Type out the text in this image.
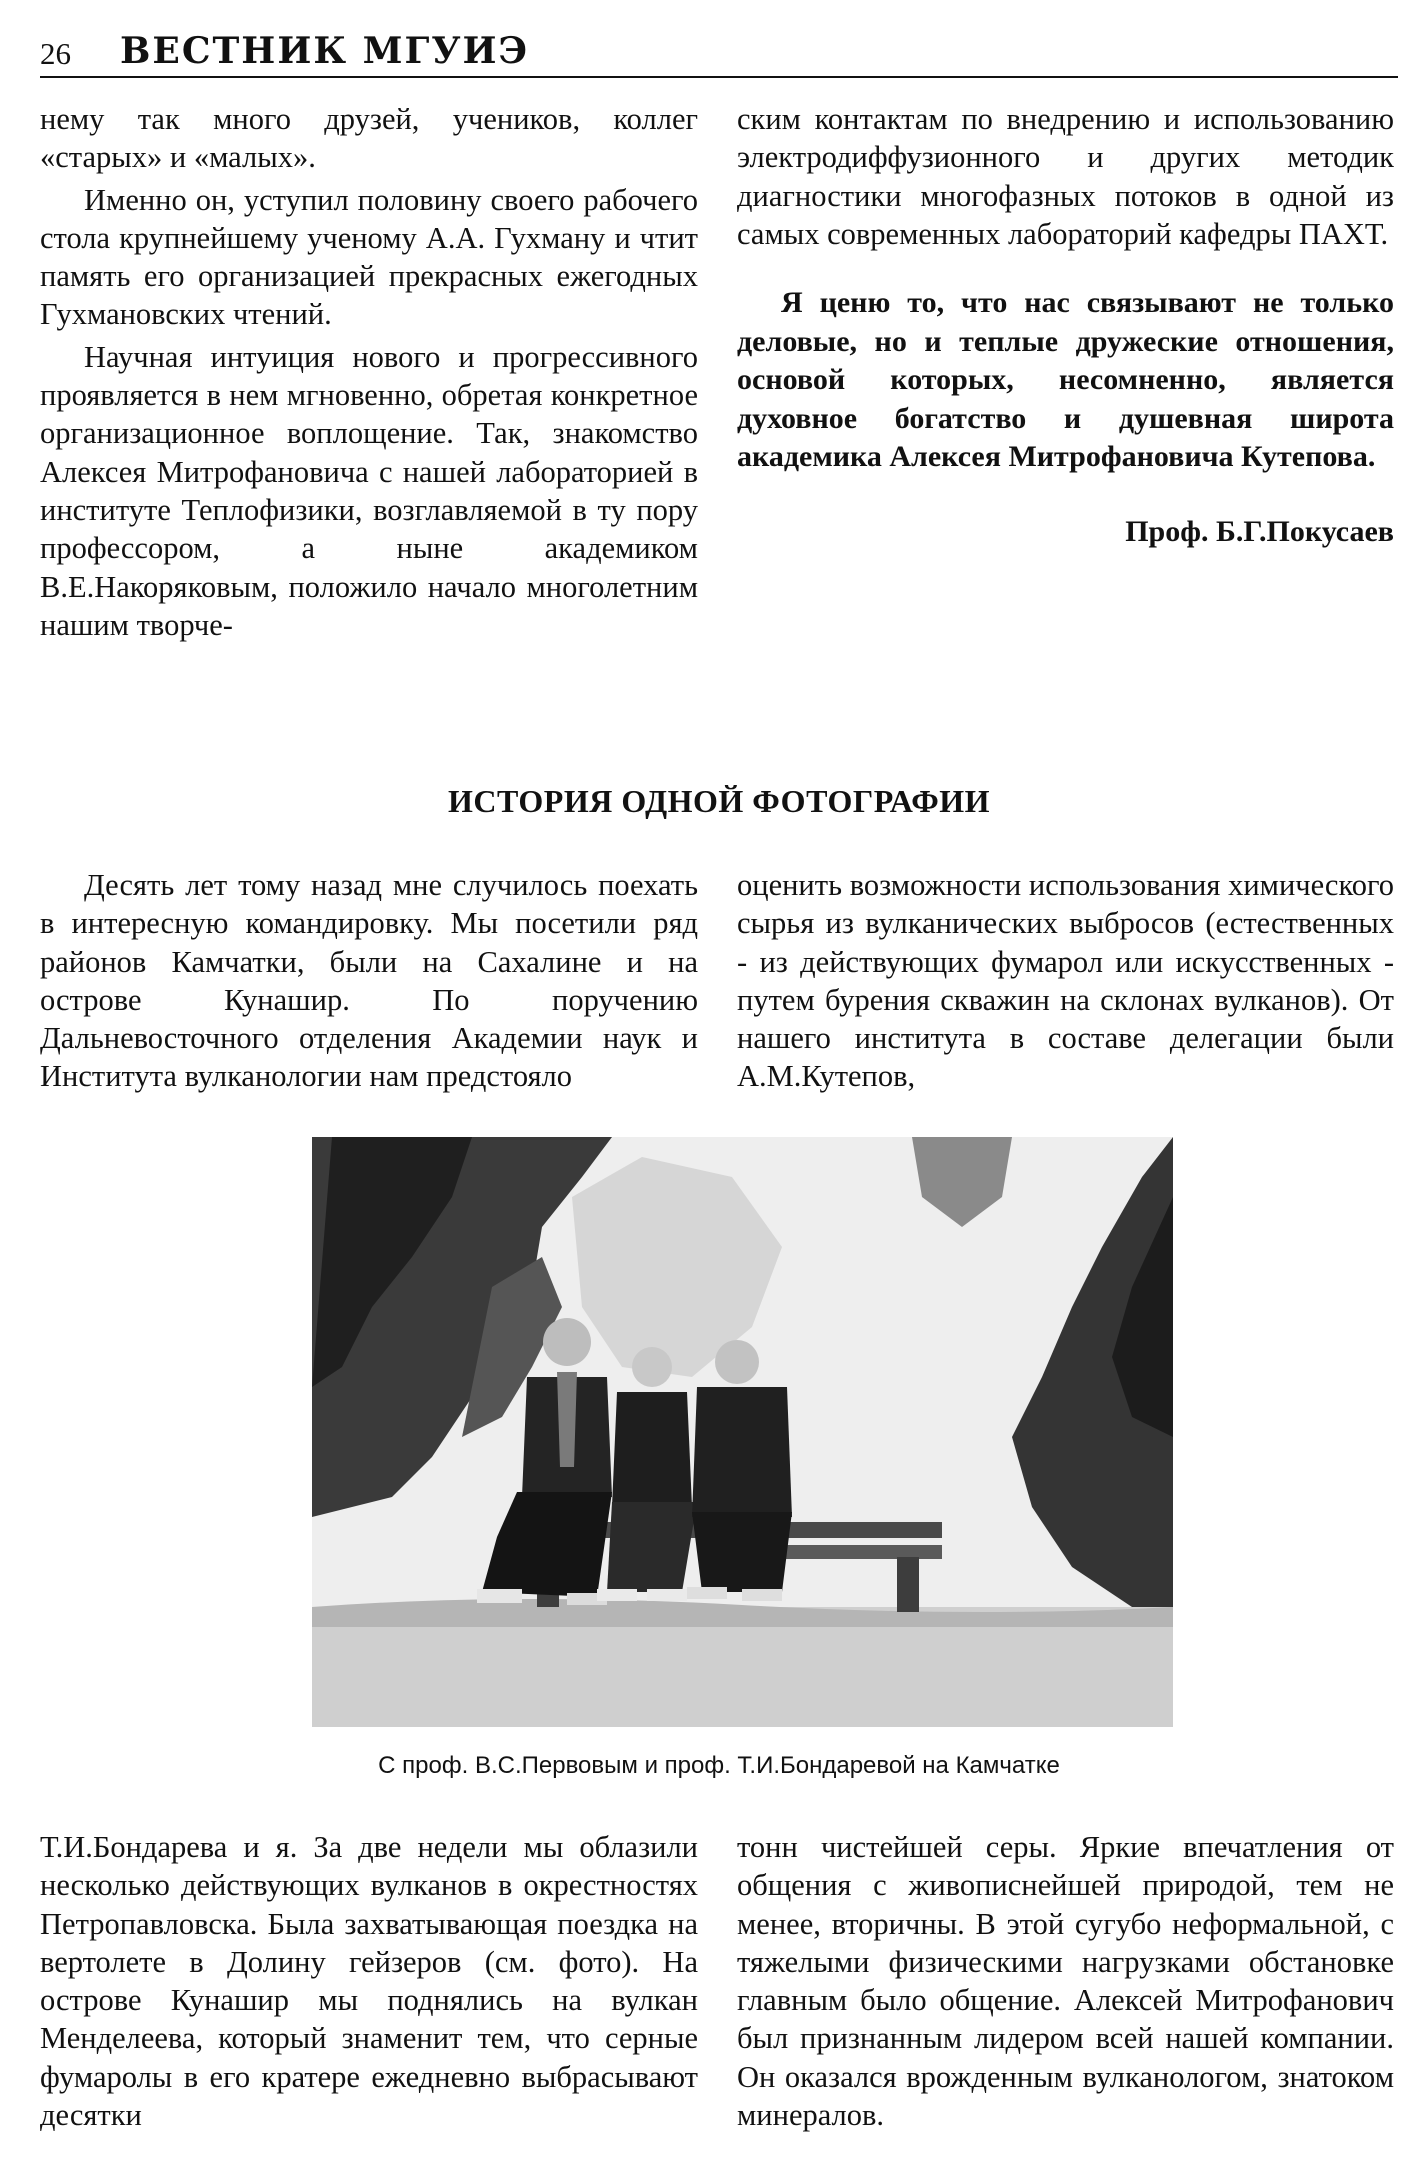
26 ВЕСТНИК МГУИЭ

нему так много друзей, учеников, коллег «старых» и «малых».

Именно он, уступил половину своего рабочего стола крупнейшему ученому А.А. Гухману и чтит память его организацией прекрасных ежегодных Гухмановских чтений.

Научная интуиция нового и прогрессивного проявляется в нем мгновенно, обретая конкретное организационное воплощение. Так, знакомство Алексея Митрофановича с нашей лабораторией в институте Теплофизики, возглавляемой в ту пору профессором, а ныне академиком В.Е.Накоряковым, положило начало многолетним нашим творче-

ским контактам по внедрению и использованию электродиффузионного и других методик диагностики многофазных потоков в одной из самых современных лабораторий кафедры ПАХТ.

Я ценю то, что нас связывают не только деловые, но и теплые дружеские отношения, основой которых, несомненно, является духовное богатство и душевная широта академика Алексея Митрофановича Кутепова.

Проф. Б.Г.Покусаев

ИСТОРИЯ ОДНОЙ ФОТОГРАФИИ

Десять лет тому назад мне случилось поехать в интересную командировку. Мы посетили ряд районов Камчатки, были на Сахалине и на острове Кунашир. По поручению Дальневосточного отделения Академии наук и Института вулканологии нам предстояло

оценить возможности использования химического сырья из вулканических выбросов (естественных - из действующих фумарол или искусственных - путем бурения скважин на склонах вулканов). От нашего института в составе делегации были А.М.Кутепов,

С проф. В.С.Первовым и проф. Т.И.Бондаревой на Камчатке

Т.И.Бондарева и я. За две недели мы облазили несколько действующих вулканов в окрестностях Петропавловска. Была захватывающая поездка на вертолете в Долину гейзеров (см. фото). На острове Кунашир мы поднялись на вулкан Менделеева, который знаменит тем, что серные фумаролы в его кратере ежедневно выбрасывают десятки

тонн чистейшей серы. Яркие впечатления от общения с живописнейшей природой, тем не менее, вторичны. В этой сугубо неформальной, с тяжелыми физическими нагрузками обстановке главным было общение. Алексей Митрофанович был признанным лидером всей нашей компании. Он оказался врожденным вулканологом, знатоком минералов.
